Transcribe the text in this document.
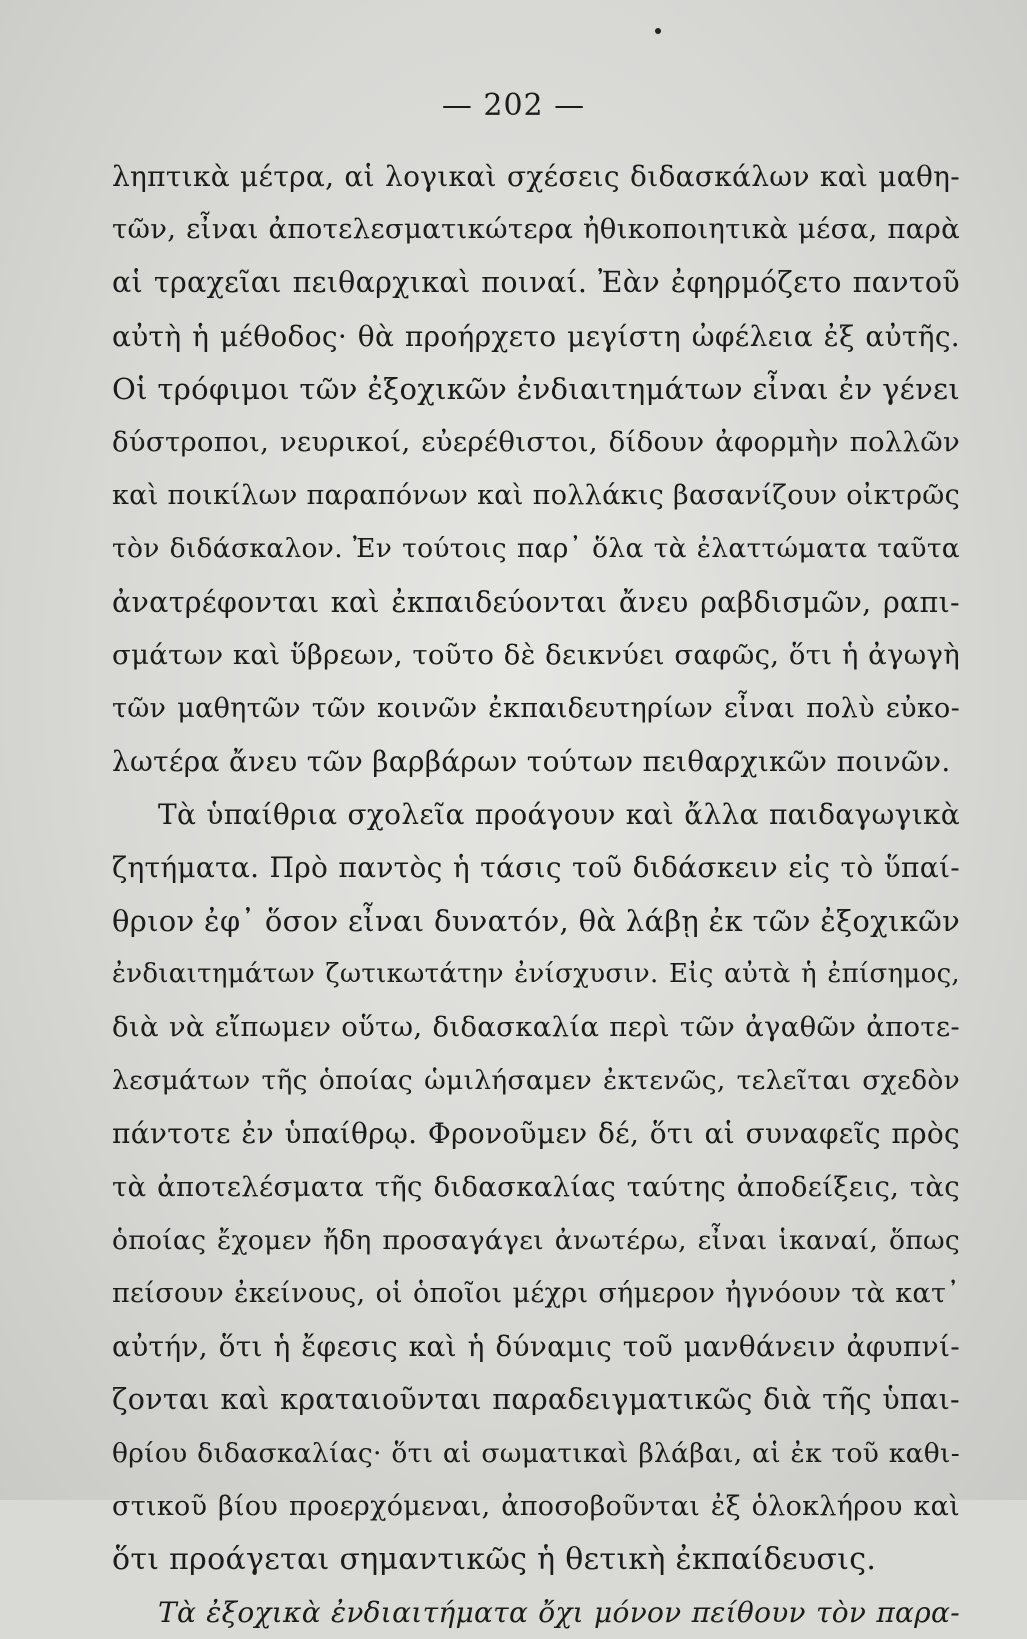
— 202 —
ληπτικὰ μέτρα, αἱ λογικαὶ σχέσεις διδασκάλων καὶ μαθη-
τῶν, εἶναι ἀποτελεσματικώτερα ἠθικοποιητικὰ μέσα, παρὰ
αἱ τραχεῖαι πειθαρχικαὶ ποιναί. Ἐὰν ἐφηρμόζετο παντοῦ
αὐτὴ ἡ μέθοδος· θὰ προήρχετο μεγίστη ὠφέλεια ἐξ αὐτῆς.
Οἱ τρόφιμοι τῶν ἐξοχικῶν ἐνδιαιτημάτων εἶναι ἐν γένει
δύστροποι, νευρικοί, εὐερέθιστοι, δίδουν ἀφορμὴν πολλῶν
καὶ ποικίλων παραπόνων καὶ πολλάκις βασανίζουν οἰκτρῶς
τὸν διδάσκαλον. Ἐν τούτοις παρ᾽ ὅλα τὰ ἐλαττώματα ταῦτα
ἀνατρέφονται καὶ ἐκπαιδεύονται ἄνευ ραβδισμῶν, ραπι-
σμάτων καὶ ὕβρεων, τοῦτο δὲ δεικνύει σαφῶς, ὅτι ἡ ἀγωγὴ
τῶν μαθητῶν τῶν κοινῶν ἐκπαιδευτηρίων εἶναι πολὺ εὐκο-
λωτέρα ἄνευ τῶν βαρβάρων τούτων πειθαρχικῶν ποινῶν.
Τὰ ὑπαίθρια σχολεῖα προάγουν καὶ ἄλλα παιδαγωγικὰ
ζητήματα. Πρὸ παντὸς ἡ τάσις τοῦ διδάσκειν εἰς τὸ ὕπαί-
θριον ἐφ᾽ ὅσον εἶναι δυνατόν, θὰ λάβῃ ἐκ τῶν ἐξοχικῶν
ἐνδιαιτημάτων ζωτικωτάτην ἐνίσχυσιν. Εἰς αὐτὰ ἡ ἐπίσημος,
διὰ νὰ εἴπωμεν οὕτω, διδασκαλία περὶ τῶν ἀγαθῶν ἀποτε-
λεσμάτων τῆς ὁποίας ὡμιλήσαμεν ἐκτενῶς, τελεῖται σχεδὸν
πάντοτε ἐν ὑπαίθρῳ. Φρονοῦμεν δέ, ὅτι αἱ συναφεῖς πρὸς
τὰ ἀποτελέσματα τῆς διδασκαλίας ταύτης ἀποδείξεις, τὰς
ὁποίας ἔχομεν ἤδη προσαγάγει ἀνωτέρω, εἶναι ἱκαναί, ὅπως
πείσουν ἐκείνους, οἱ ὁποῖοι μέχρι σήμερον ἠγνόουν τὰ κατ᾽
αὐτήν, ὅτι ἡ ἔφεσις καὶ ἡ δύναμις τοῦ μανθάνειν ἀφυπνί-
ζονται καὶ κραταιοῦνται παραδειγματικῶς διὰ τῆς ὑπαι-
θρίου διδασκαλίας· ὅτι αἱ σωματικαὶ βλάβαι, αἱ ἐκ τοῦ καθι-
στικοῦ βίου προερχόμεναι, ἀποσοβοῦνται ἐξ ὁλοκλήρου καὶ
ὅτι προάγεται σημαντικῶς ἡ θετικὴ ἐκπαίδευσις.
Τὰ ἐξοχικὰ ἐνδιαιτήματα ὄχι μόνον πείθουν τὸν παρα-
